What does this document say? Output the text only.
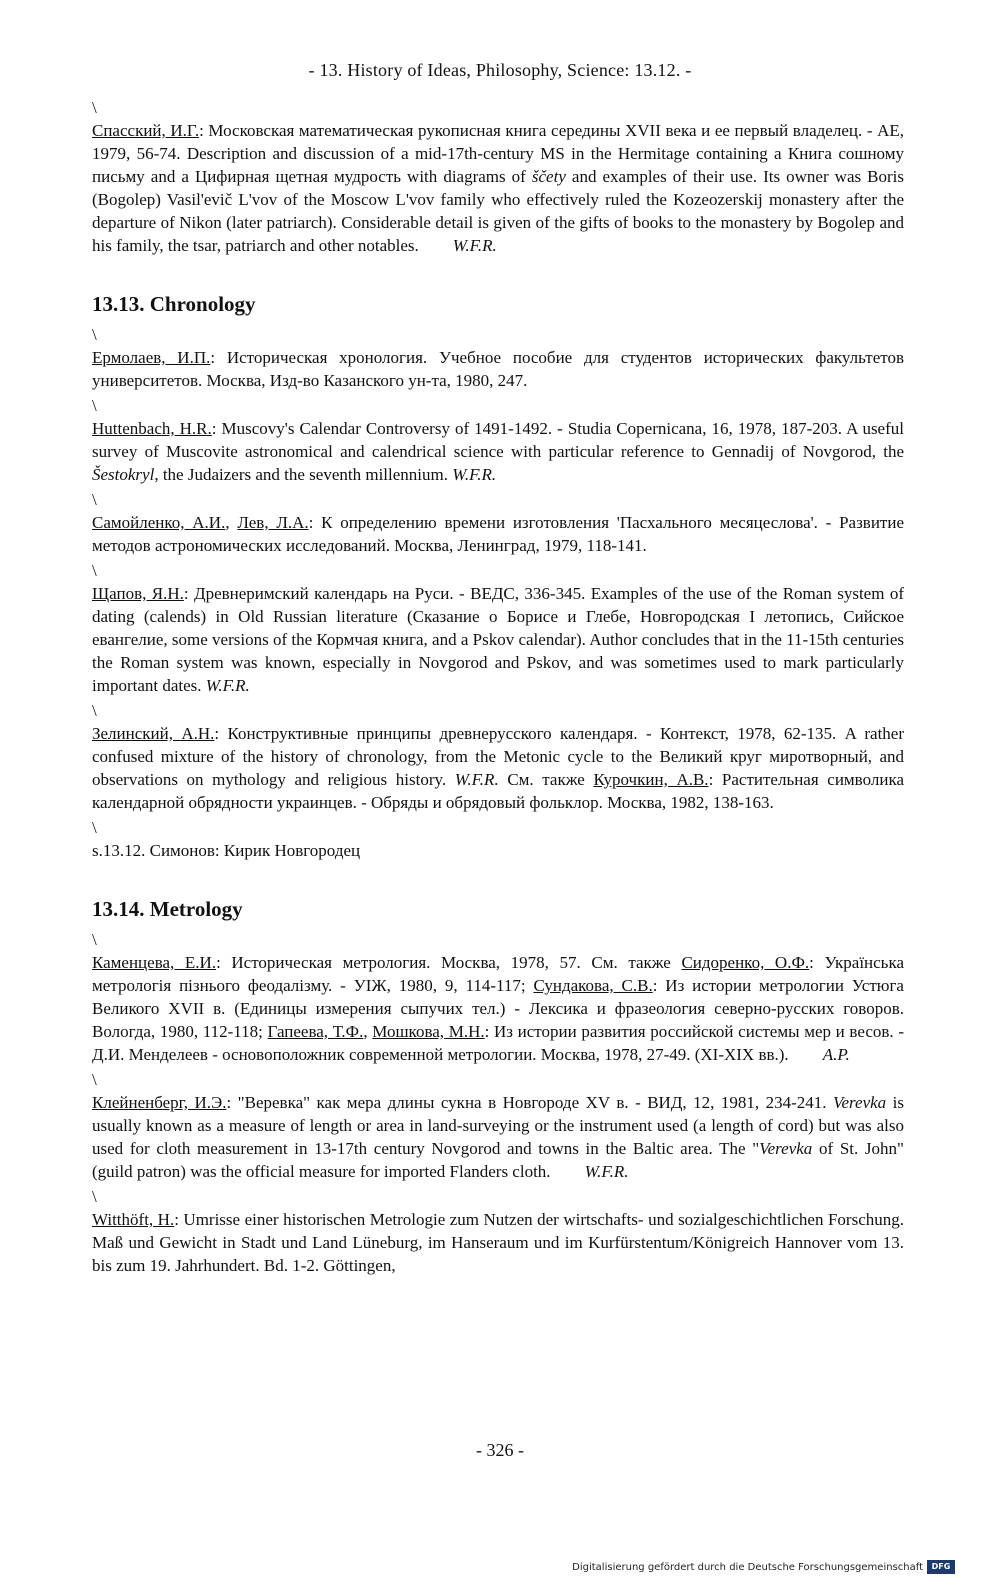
- 13. History of Ideas, Philosophy, Science: 13.12. -
\

Спасский, И.Г.: Московская математическая рукописная книга середины XVII века и ее первый владелец. - АЕ, 1979, 56-74. Description and discussion of a mid-17th-century MS in the Hermitage containing a Книга сошному письму and a Цифирная щетная мудрость with diagrams of ščety and examples of their use. Its owner was Boris (Bogolep) Vasil'evič L'vov of the Moscow L'vov family who effectively ruled the Kozeozerskij monastery after the departure of Nikon (later patriarch). Considerable detail is given of the gifts of books to the monastery by Bogolep and his family, the tsar, patriarch and other notables. W.F.R.

13.13. Chronology
\

Ермолаев, И.П.: Историческая хронология. Учебное пособие для студентов исторических факультетов университетов. Москва, Изд-во Казанского ун-та, 1980, 247.

\

Huttenbach, H.R.: Muscovy's Calendar Controversy of 1491-1492. - Studia Copernicana, 16, 1978, 187-203. A useful survey of Muscovite astronomical and calendrical science with particular reference to Gennadij of Novgorod, the Šestokryl, the Judaizers and the seventh millennium. W.F.R.

\

Самойленко, А.И., Лев, Л.А.: К определению времени изготовления 'Пасхального месяцеслова'. - Развитие методов астрономических исследований. Москва, Ленинград, 1979, 118-141.

\

Щапов, Я.Н.: Древнеримский календарь на Руси. - ВЕДС, 336-345. Examples of the use of the Roman system of dating (calends) in Old Russian literature (Сказание о Борисе и Глебе, Новгородская I летопись, Сийское евангелие, some versions of the Кормчая книга, and a Pskov calendar). Author concludes that in the 11-15th centuries the Roman system was known, especially in Novgorod and Pskov, and was sometimes used to mark particularly important dates. W.F.R.

\

Зелинский, А.Н.: Конструктивные принципы древнерусского календаря. - Контекст, 1978, 62-135. A rather confused mixture of the history of chronology, from the Metonic cycle to the Великий круг миротворный, and observations on mythology and religious history. W.F.R. См. также Курочкин, А.В.: Растительная символика календарной обрядности украинцев. - Обряды и обрядовый фольклор. Москва, 1982, 138-163.

\

s.13.12. Симонов: Кирик Новгородец

13.14. Metrology
\

Каменцева, Е.И.: Историческая метрология. Москва, 1978, 57. См. также Сидоренко, О.Ф.: Українська метрологія пізнього феодалізму. - УІЖ, 1980, 9, 114-117; Сундакова, С.В.: Из истории метрологии Устюга Великого XVII в. (Единицы измерения сыпучих тел.) - Лексика и фразеология северно-русских говоров. Вологда, 1980, 112-118; Гапеева, Т.Ф., Мошкова, М.Н.: Из истории развития российской системы мер и весов. - Д.И. Менделеев - основоположник современной метрологии. Москва, 1978, 27-49. (XI-XIX вв.). A.P.

\

Клейненберг, И.Э.: "Веревка" как мера длины сукна в Новгороде XV в. - ВИД, 12, 1981, 234-241. Verevka is usually known as a measure of length or area in land-surveying or the instrument used (a length of cord) but was also used for cloth measurement in 13-17th century Novgorod and towns in the Baltic area. The "Verevka of St. John" (guild patron) was the official measure for imported Flanders cloth. W.F.R.

\

Witthöft, H.: Umrisse einer historischen Metrologie zum Nutzen der wirtschafts- und sozialgeschichtlichen Forschung. Maß und Gewicht in Stadt und Land Lüneburg, im Hanseraum und im Kurfürstentum/Königreich Hannover vom 13. bis zum 19. Jahrhundert. Bd. 1-2. Göttingen,

- 326 -
Digitalisierung gefördert durch die Deutsche Forschungsgemeinschaft	DFG
